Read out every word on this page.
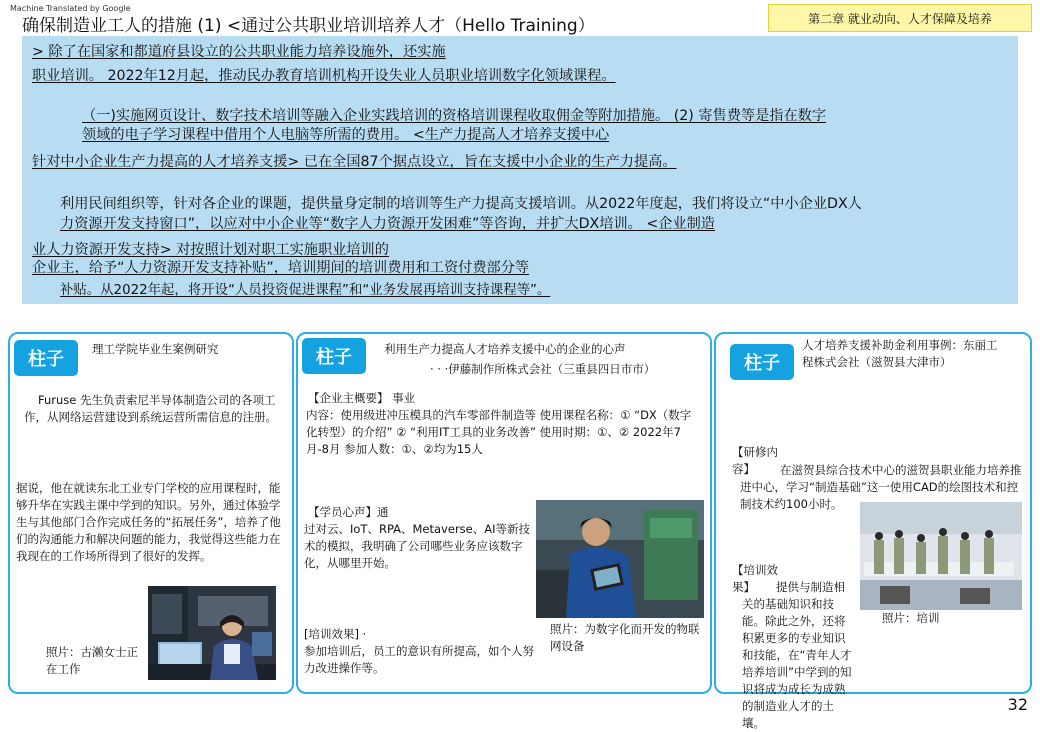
Machine Translated by Google
确保制造业工人的措施 (1) <通过公共职业培训培养人才（Hello Training）	第二章 就业动向、人才保障及培养
> 除了在国家和都道府县设立的公共职业能力培养设施外，还实施
职业培训。 2022年12月起，推动民办教育培训机构开设失业人员职业培训数字化领域课程。
（一)实施网页设计、数字技术培训等融入企业实践培训的资格培训课程收取佣金等附加措施。 (2) 寄售费等是指在数字
领域的电子学习课程中借用个人电脑等所需的费用。 <生产力提高人才培养支援中心
针对中小企业生产力提高的人才培养支援> 已在全国87个据点设立，旨在支援中小企业的生产力提高。
利用民间组织等，针对各企业的课题，提供量身定制的培训等生产力提高支援培训。从2022年度起，我们将设立“中小企业DX人
力资源开发支持窗口”，以应对中小企业等“数字人力资源开发困难”等咨询，并扩大DX培训。 <企业制造
业人力资源开发支持> 对按照计划对职工实施职业培训的
企业主，给予“人力资源开发支持补贴”，培训期间的培训费用和工资付费部分等
补贴。从2022年起，将开设“人员投资促进课程”和“业务发展再培训支持课程等”。
柱子	理工学院毕业生案例研究
Furuse 先生负责索尼半导体制造公司的各项工作，从网络运营建设到系统运营所需信息的注册。
据说，他在就读东北工业专门学校的应用课程时，能够升华在实践主课中学到的知识。另外，通过体验学生与其他部门合作完成任务的“拓展任务”，培养了他们的沟通能力和解决问题的能力，我觉得这些能力在我现在的工作场所得到了很好的发挥。
照片：古濑女士正在工作
柱子	利用生产力提高人才培养支援中心的企业的心声
· · ·伊藤制作所株式会社（三重县四日市市）
【企业主概要】 事业
内容：使用级进冲压模具的汽车零部件制造等 使用课程名称：① “DX（数字化转型）的介绍” ② “利用IT工具的业务改善” 使用时期：①、② 2022年7月-8月 参加人数：①、②均为15人
【学员心声】通
过对云、IoT、RPA、Metaverse、AI等新技术的模拟，我明确了公司哪些业务应该数字化，从哪里开始。
照片：为数字化而开发的物联网设备
[培训效果] ·
参加培训后，员工的意识有所提高，如个人努力改进操作等。
柱子
人才培养支援补助金利用事例：东丽工程株式会社（滋贺县大津市）
【研修内容】	在滋贺县综合技术中心的滋贺县职业能力培养推进中心，学习“制造基础”这一使用CAD的绘图技术和控制技术约100小时。
【培训效果】	提供与制造相关的基础知识和技能。除此之外，还将积累更多的专业知识和技能，在“青年人才培养培训”中学到的知识将成为成长为成熟的制造业人才的土壤。
照片：培训
32
